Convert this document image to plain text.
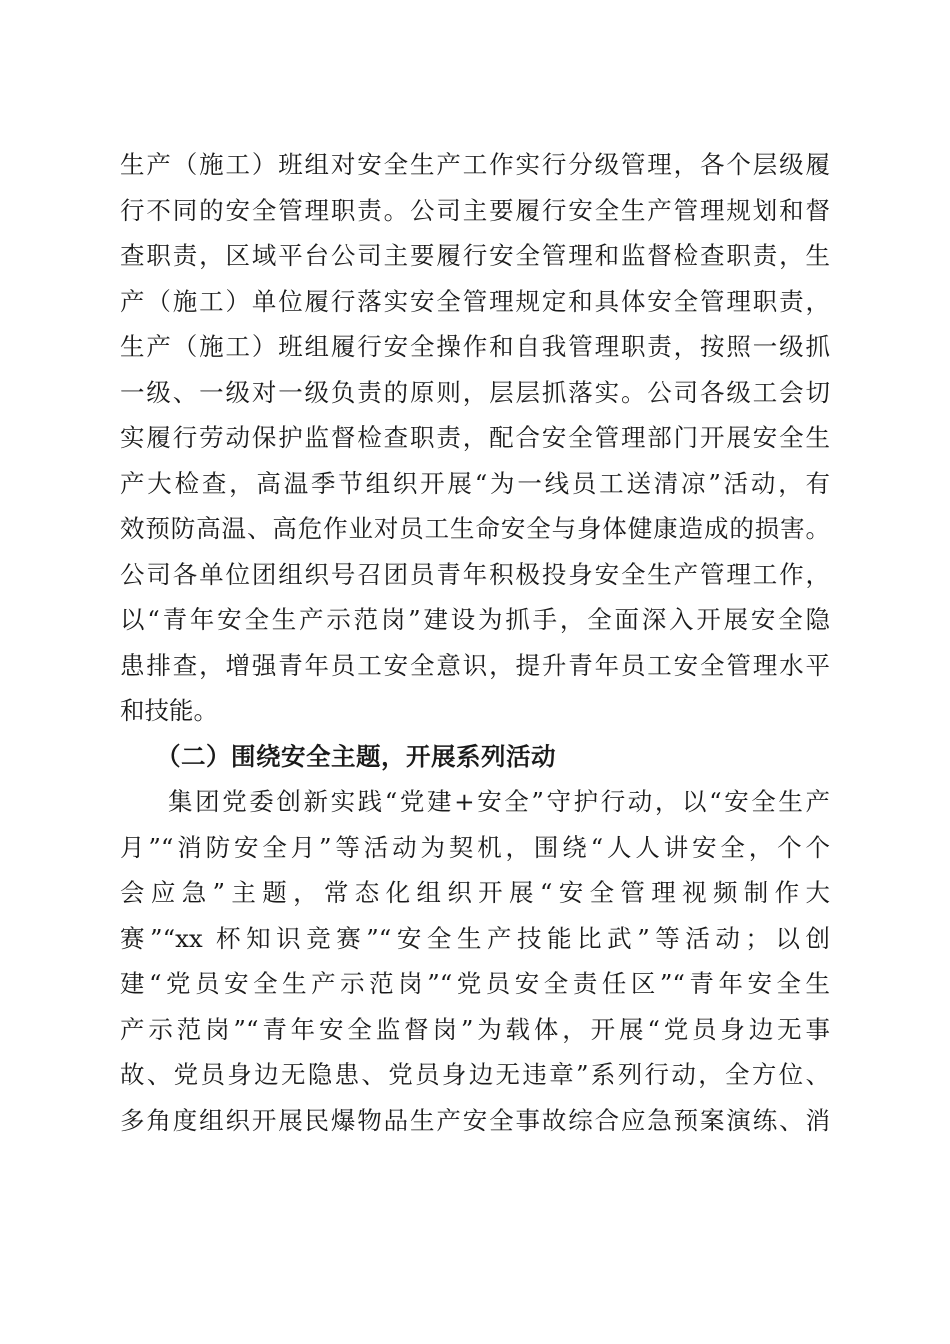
生产（施工）班组对安全生产工作实行分级管理，各个层级履
行不同的安全管理职责。公司主要履行安全生产管理规划和督
查职责，区域平台公司主要履行安全管理和监督检查职责，生
产（施工）单位履行落实安全管理规定和具体安全管理职责，
生产（施工）班组履行安全操作和自我管理职责，按照一级抓
一级、一级对一级负责的原则，层层抓落实。公司各级工会切
实履行劳动保护监督检查职责，配合安全管理部门开展安全生
产大检查，高温季节组织开展“为一线员工送清凉”活动，有
效预防高温、高危作业对员工生命安全与身体健康造成的损害。
公司各单位团组织号召团员青年积极投身安全生产管理工作，
以“青年安全生产示范岗”建设为抓手，全面深入开展安全隐
患排查，增强青年员工安全意识，提升青年员工安全管理水平
和技能。
（二）围绕安全主题，开展系列活动
集团党委创新实践“党建+安全”守护行动，以“安全生产
月”“消防安全月”等活动为契机，围绕“人人讲安全，个个
会应急”主题，常态化组织开展“安全管理视频制作大
赛”“xx 杯知识竞赛”“安全生产技能比武”等活动；以创
建“党员安全生产示范岗”“党员安全责任区”“青年安全生
产示范岗”“青年安全监督岗”为载体，开展“党员身边无事
故、党员身边无隐患、党员身边无违章”系列行动，全方位、
多角度组织开展民爆物品生产安全事故综合应急预案演练、消
